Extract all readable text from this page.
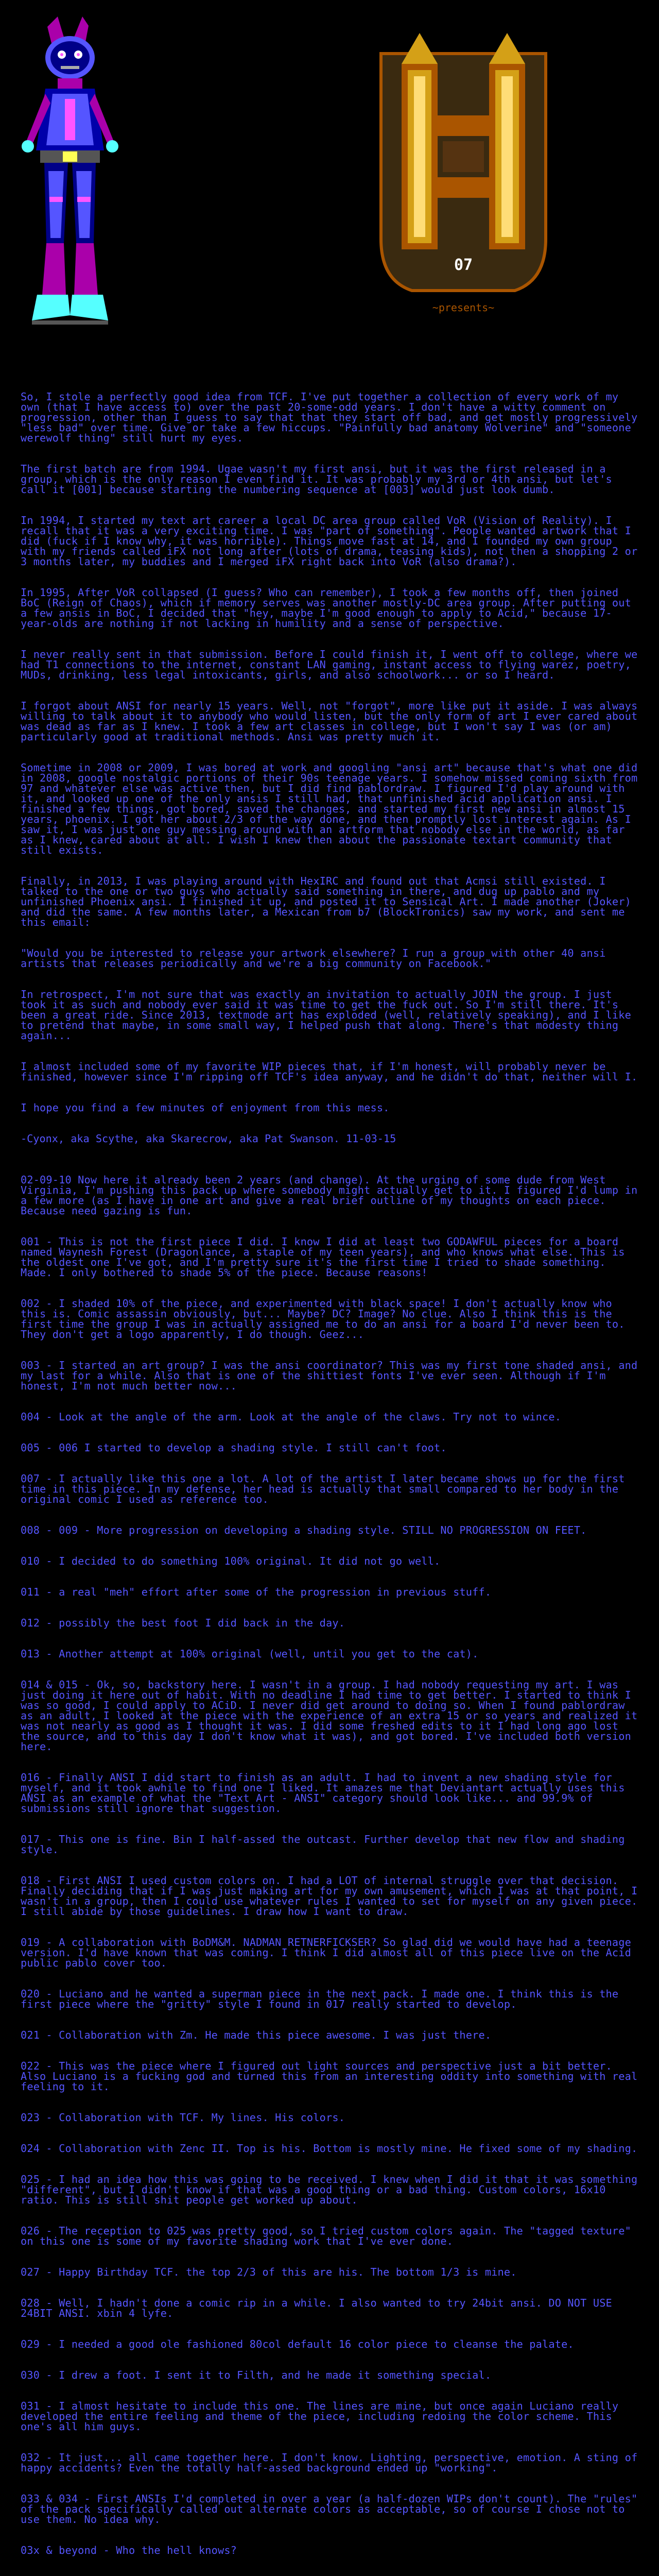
07
~presents~

So, I stole a perfectly good idea from TCF. I've put together a collection of every work of my own (that I have access to) over the past 20-some-odd years. I don't have a witty comment on progression, other than I guess to say that that they start off bad, and get mostly progressively "less bad" over time. Give or take a few hiccups. "Painfully bad anatomy Wolverine" and "someone werewolf thing" still hurt my eyes.

The first batch are from 1994. Ugae wasn't my first ansi, but it was the first released in a group, which is the only reason I even find it. It was probably my 3rd or 4th ansi, but let's call it [001] because starting the numbering sequence at [003] would just look dumb.

In 1994, I started my text art career a local DC area group called VoR (Vision of Reality). I recall that it was a very exciting time. I was "part of something". People wanted artwork that I did (fuck if I know why, it was horrible). Things move fast at 14, and I founded my own group with my friends called iFX not long after (lots of drama, teasing kids), not then a shopping 2 or 3 months later, my buddies and I merged iFX right back into VoR (also drama?).

In 1995, After VoR collapsed (I guess? Who can remember), I took a few months off, then joined BoC (Reign of Chaos), which if memory serves was another mostly-DC area group. After putting out a few ansis in BoC, I decided that "hey, maybe I'm good enough to apply to Acid," because 17-year-olds are nothing if not lacking in humility and a sense of perspective.

I never really sent in that submission. Before I could finish it, I went off to college, where we had T1 connections to the internet, constant LAN gaming, instant access to flying warez, poetry, MUDs, drinking, less legal intoxicants, girls, and also schoolwork... or so I heard.

I forgot about ANSI for nearly 15 years. Well, not "forgot", more like put it aside. I was always willing to talk about it to anybody who would listen, but the only form of art I ever cared about was dead as far as I knew. I took a few art classes in college, but I won't say I was (or am) particularly good at traditional methods. Ansi was pretty much it.

Sometime in 2008 or 2009, I was bored at work and googling "ansi art" because that's what one did in 2008, google nostalgic portions of their 90s teenage years. I somehow missed coming sixth from 97 and whatever else was active then, but I did find pablordraw. I figured I'd play around with it, and looked up one of the only ansis I still had, that unfinished acid application ansi. I finished a few things, got bored, saved the changes, and started my first new ansi in almost 15 years, phoenix. I got her about 2/3 of the way done, and then promptly lost interest again. As I saw it, I was just one guy messing around with an artform that nobody else in the world, as far as I knew, cared about at all. I wish I knew then about the passionate textart community that still exists.

Finally, in 2013, I was playing around with HexIRC and found out that Acmsi still existed. I talked to the one or two guys who actually said something in there, and dug up pablo and my unfinished Phoenix ansi. I finished it up, and posted it to Sensical Art. I made another (Joker) and did the same. A few months later, a Mexican from b7 (BlockTronics) saw my work, and sent me this email:

"Would you be interested to release your artwork elsewhere? I run a group with other 40 ansi artists that releases periodically and we're a big community on Facebook."

In retrospect, I'm not sure that was exactly an invitation to actually JOIN the group. I just took it as such and nobody ever said it was time to get the fuck out. So I'm still there. It's been a great ride. Since 2013, textmode art has exploded (well, relatively speaking), and I like to pretend that maybe, in some small way, I helped push that along. There's that modesty thing again...

I almost included some of my favorite WIP pieces that, if I'm honest, will probably never be finished, however since I'm ripping off TCF's idea anyway, and he didn't do that, neither will I.

I hope you find a few minutes of enjoyment from this mess.

-Cyonx, aka Scythe, aka Skarecrow, aka Pat Swanson. 11-03-15

02-09-10 Now here it already been 2 years (and change). At the urging of some dude from West Virginia, I'm pushing this pack up where somebody might actually get to it. I figured I'd lump in a few more (as I have in one art and give a real brief outline of my thoughts on each piece. Because need gazing is fun.

001 - This is not the first piece I did. I know I did at least two GODAWFUL pieces for a board named Waynesh Forest (Dragonlance, a staple of my teen years), and who knows what else. This is the oldest one I've got, and I'm pretty sure it's the first time I tried to shade something. Made. I only bothered to shade 5% of the piece. Because reasons!

002 - I shaded 10% of the piece, and experimented with black space! I don't actually know who this is. Comic assassin obviously, but... Maybe? DC? Image? No clue. Also I think this is the first time the group I was in actually assigned me to do an ansi for a board I'd never been to. They don't get a logo apparently, I do though. Geez...

003 - I started an art group? I was the ansi coordinator? This was my first tone shaded ansi, and my last for a while. Also that is one of the shittiest fonts I've ever seen. Although if I'm honest, I'm not much better now...

004 - Look at the angle of the arm. Look at the angle of the claws. Try not to wince.

005 - 006 I started to develop a shading style. I still can't foot.

007 - I actually like this one a lot. A lot of the artist I later became shows up for the first time in this piece. In my defense, her head is actually that small compared to her body in the original comic I used as reference too.

008 - 009 - More progression on developing a shading style. STILL NO PROGRESSION ON FEET.

010 - I decided to do something 100% original. It did not go well.

011 - a real "meh" effort after some of the progression in previous stuff.

012 - possibly the best foot I did back in the day.

013 - Another attempt at 100% original (well, until you get to the cat).

014 & 015 - Ok, so, backstory here. I wasn't in a group. I had nobody requesting my art. I was just doing it here out of habit. With no deadline I had time to get better. I started to think I was so good, I could apply to ACiD. I never did get around to doing so. When I found pablordraw as an adult, I looked at the piece with the experience of an extra 15 or so years and realized it was not nearly as good as I thought it was. I did some freshed edits to it I had long ago lost the source, and to this day I don't know what it was), and got bored. I've included both version here.

016 - Finally ANSI I did start to finish as an adult. I had to invent a new shading style for myself, and it took awhile to find one I liked. It amazes me that Deviantart actually uses this ANSI as an example of what the "Text Art - ANSI" category should look like... and 99.9% of submissions still ignore that suggestion.

017 - This one is fine. Bin I half-assed the outcast. Further develop that new flow and shading style.

018 - First ANSI I used custom colors on. I had a LOT of internal struggle over that decision. Finally deciding that if I was just making art for my own amusement, which I was at that point, I wasn't in a group, then I could use whatever rules I wanted to set for myself on any given piece. I still abide by those guidelines. I draw how I want to draw.

019 - A collaboration with BoDM&M. NADMAN RETNERFICKSER? So glad did we would have had a teenage version. I'd have known that was coming. I think I did almost all of this piece live on the Acid public pablo cover too.

020 - Luciano and he wanted a superman piece in the next pack. I made one. I think this is the first piece where the "gritty" style I found in 017 really started to develop.

021 - Collaboration with Zm. He made this piece awesome. I was just there.

022 - This was the piece where I figured out light sources and perspective just a bit better. Also Luciano is a fucking god and turned this from an interesting oddity into something with real feeling to it.

023 - Collaboration with TCF. My lines. His colors.

024 - Collaboration with Zenc II. Top is his. Bottom is mostly mine. He fixed some of my shading.

025 - I had an idea how this was going to be received. I knew when I did it that it was something "different", but I didn't know if that was a good thing or a bad thing. Custom colors, 16x10 ratio. This is still shit people get worked up about.

026 - The reception to 025 was pretty good, so I tried custom colors again. The "tagged texture" on this one is some of my favorite shading work that I've ever done.

027 - Happy Birthday TCF. the top 2/3 of this are his. The bottom 1/3 is mine.

028 - Well, I hadn't done a comic rip in a while. I also wanted to try 24bit ansi. DO NOT USE 24BIT ANSI. xbin 4 lyfe.

029 - I needed a good ole fashioned 80col default 16 color piece to cleanse the palate.

030 - I drew a foot. I sent it to Filth, and he made it something special.

031 - I almost hesitate to include this one. The lines are mine, but once again Luciano really developed the entire feeling and theme of the piece, including redoing the color scheme. This one's all him guys.

032 - It just... all came together here. I don't know. Lighting, perspective, emotion. A sting of happy accidents? Even the totally half-assed background ended up "working".

033 & 034 - First ANSIs I'd completed in over a year (a half-dozen WIPs don't count). The "rules" of the pack specifically called out alternate colors as acceptable, so of course I chose not to use them. No idea why.

03x & beyond - Who the hell knows?
